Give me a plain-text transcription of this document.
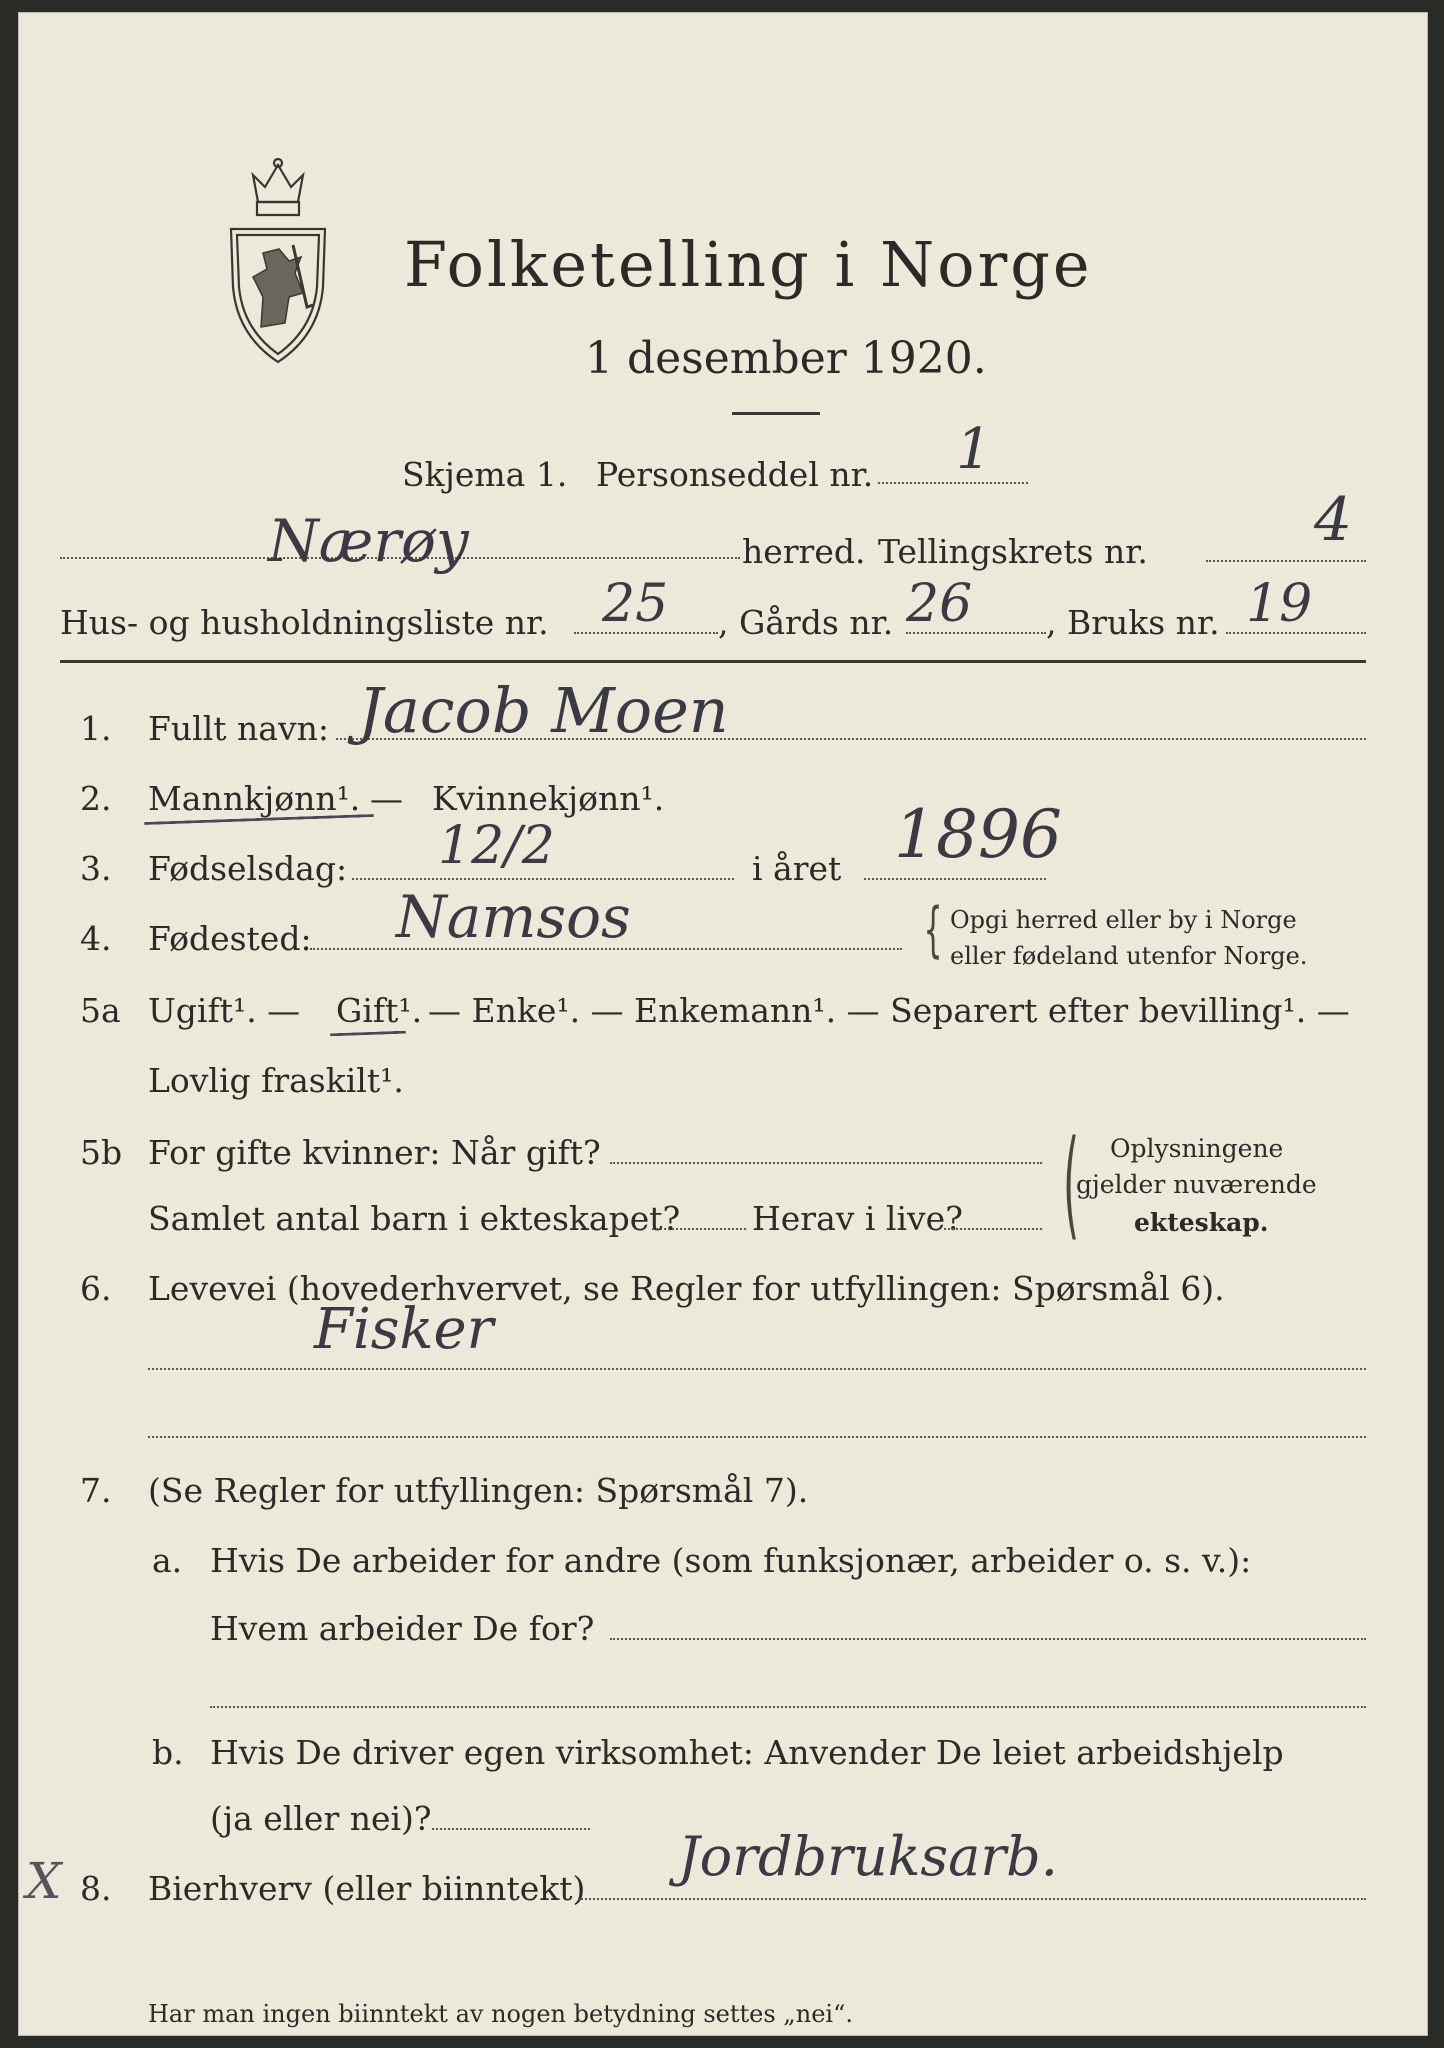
Folketelling i Norge
1 desember 1920.
Skjema 1. Personseddel nr. 1
Nærøy	herred. Tellingskrets nr.	4
Hus- og husholdningsliste nr. 25 , Gårds nr. 26 , Bruks nr. 19
1. Fullt navn: Jacob Moen
2. Mannkjønn¹. — Kvinnekjønn¹.
3. Fødselsdag: 12/2	i året 1896
4. Fødested: Namsos	{ Opgi herred eller by i Norge
eller fødeland utenfor Norge.
5a Ugift¹. — Gift¹. — Enke¹. — Enkemann¹. — Separert efter bevilling¹. —
Lovlig fraskilt¹.
5b For gifte kvinner: Når gift?
Samlet antal barn i ekteskapet? Herav i live? ( Oplysningene
gjelder nuværende
ekteskap.
6. Levevei (hovederhvervet, se Regler for utfyllingen: Spørsmål 6).
Fisker
7. (Se Regler for utfyllingen: Spørsmål 7).
a. Hvis De arbeider for andre (som funksjonær, arbeider o. s. v.):
Hvem arbeider De for?
b. Hvis De driver egen virksomhet: Anvender De leiet arbeidshjelp
(ja eller nei)?
X 8. Bierhverv (eller biinntekt)
Jordbruksarb.
Har man ingen biinntekt av nogen betydning settes „nei“.
